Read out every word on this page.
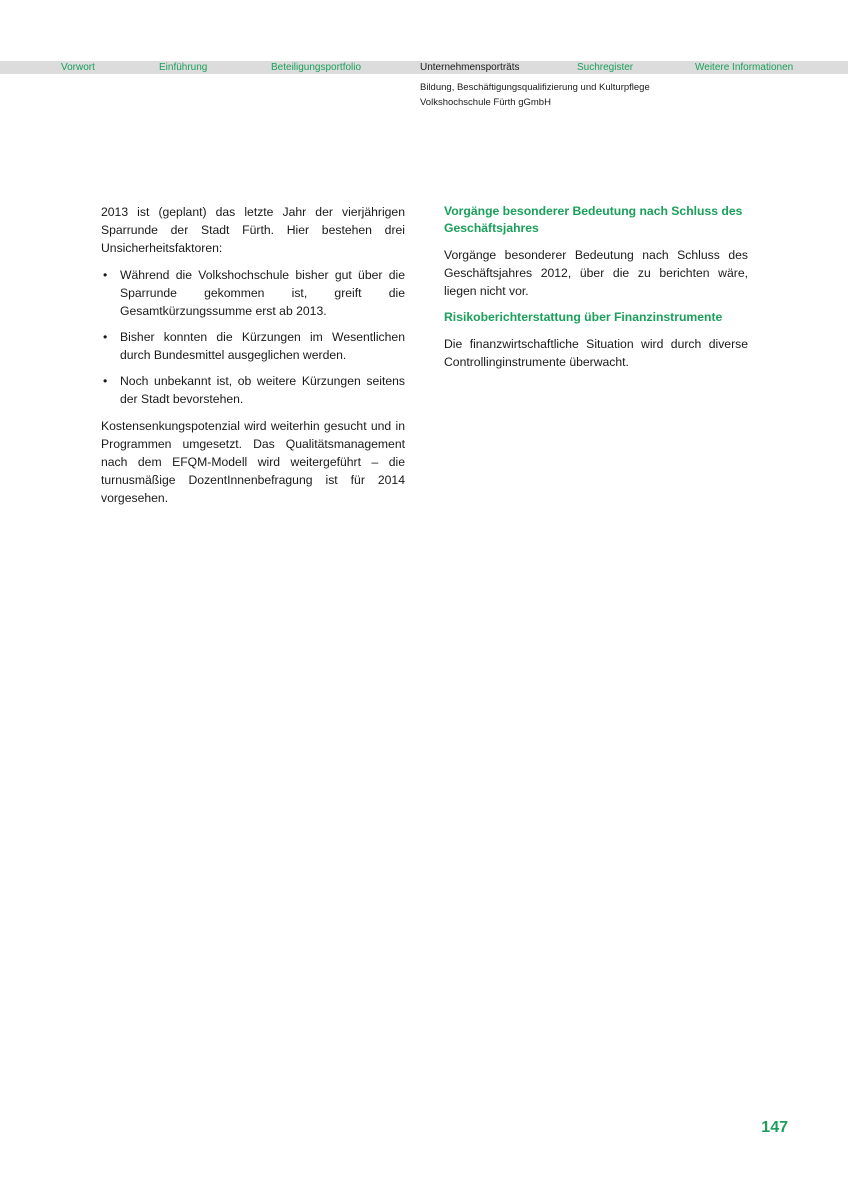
Vorwort	Einführung	Beteiligungsportfolio	Unternehmensporträts	Suchregister	Weitere Informationen
Bildung, Beschäftigungsqualifizierung und Kulturpflege
Volkshochschule Fürth gGmbH

2013 ist (geplant) das letzte Jahr der vierjährigen Sparrunde der Stadt Fürth. Hier bestehen drei Unsicherheitsfaktoren:

• Während die Volkshochschule bisher gut über die Sparrunde gekommen ist, greift die Gesamtkürzungssumme erst ab 2013.
• Bisher konnten die Kürzungen im Wesentlichen durch Bundesmittel ausgeglichen werden.
• Noch unbekannt ist, ob weitere Kürzungen seitens der Stadt bevorstehen.

Kostensenkungspotenzial wird weiterhin gesucht und in Programmen umgesetzt. Das Qualitätsmanagement nach dem EFQM-Modell wird weitergeführt – die turnusmäßige DozentInnenbefragung ist für 2014 vorgesehen.

Vorgänge besonderer Bedeutung nach Schluss des Geschäftsjahres

Vorgänge besonderer Bedeutung nach Schluss des Geschäftsjahres 2012, über die zu berichten wäre, liegen nicht vor.

Risikoberichterstattung über Finanzinstrumente

Die finanzwirtschaftliche Situation wird durch diverse Controllinginstrumente überwacht.

147
